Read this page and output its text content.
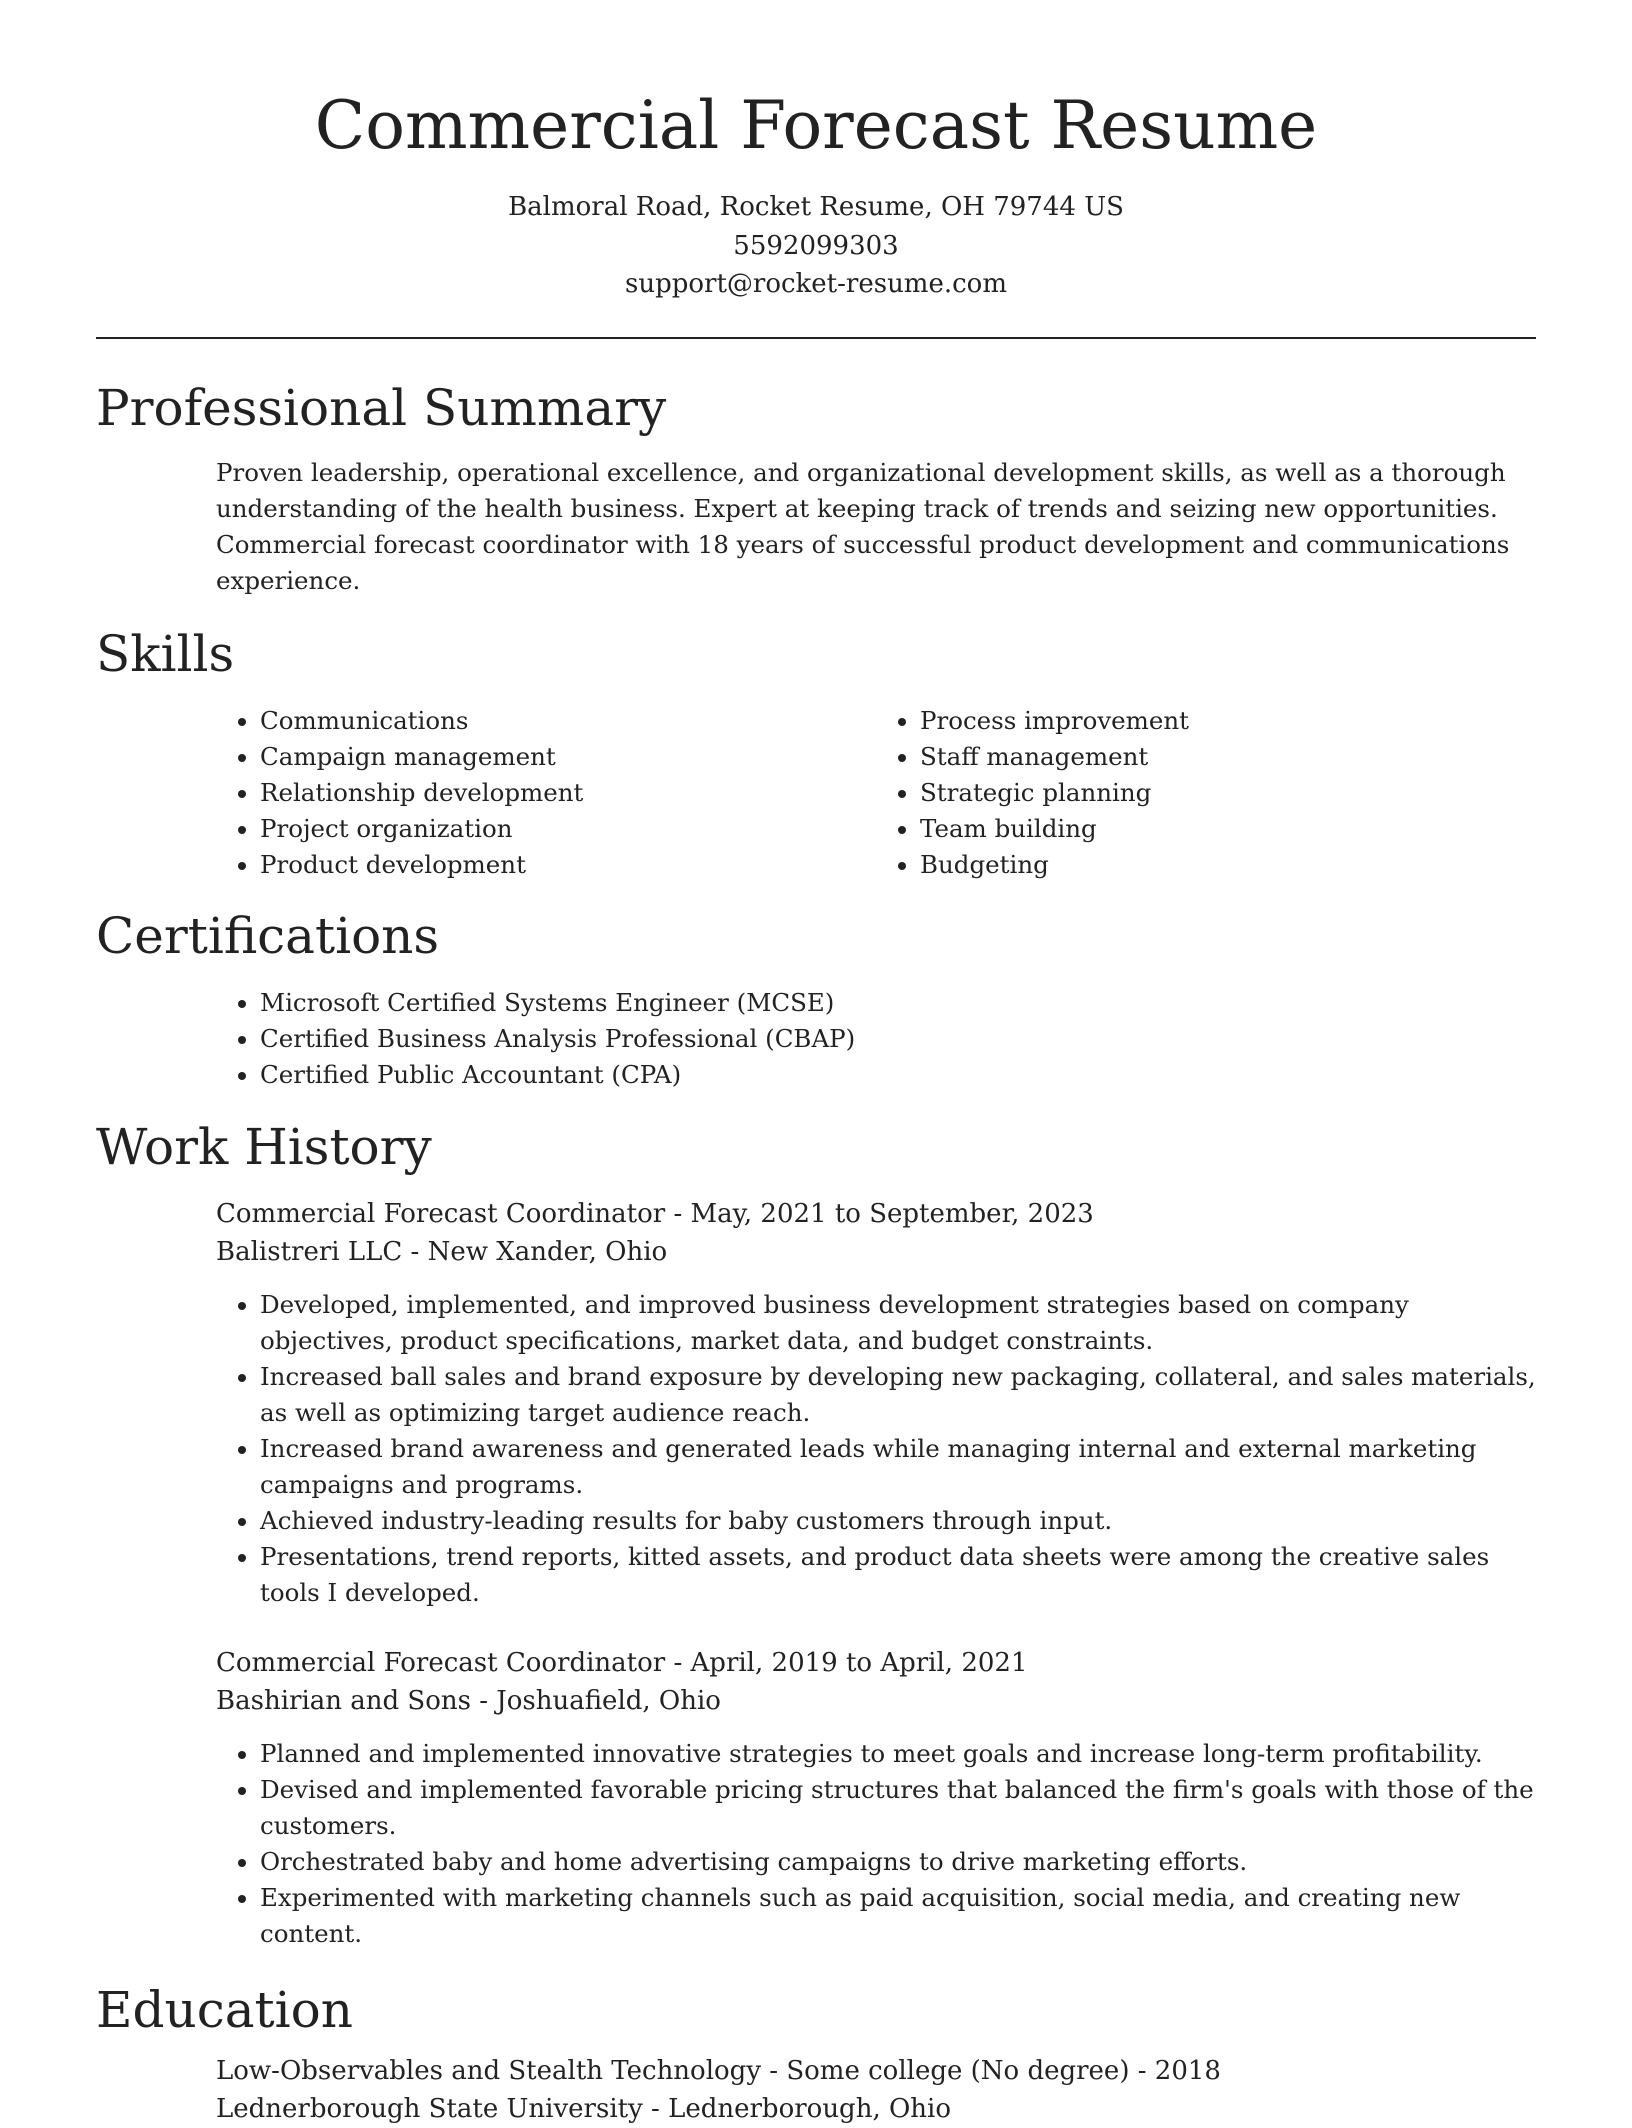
Commercial Forecast Resume
Balmoral Road, Rocket Resume, OH 79744 US
5592099303
support@rocket-resume.com
Professional Summary

Proven leadership, operational excellence, and organizational development skills, as well as a thorough understanding of the health business. Expert at keeping track of trends and seizing new opportunities. Commercial forecast coordinator with 18 years of successful product development and communications experience.

Skills
• Communications
• Campaign management
• Relationship development
• Project organization
• Product development
• Process improvement
• Staff management
• Strategic planning
• Team building
• Budgeting
Certifications
• Microsoft Certified Systems Engineer (MCSE)
• Certified Business Analysis Professional (CBAP)
• Certified Public Accountant (CPA)
Work History
Commercial Forecast Coordinator - May, 2021 to September, 2023
Balistreri LLC - New Xander, Ohio
• Developed, implemented, and improved business development strategies based on company objectives, product specifications, market data, and budget constraints.
• Increased ball sales and brand exposure by developing new packaging, collateral, and sales materials, as well as optimizing target audience reach.
• Increased brand awareness and generated leads while managing internal and external marketing campaigns and programs.
• Achieved industry-leading results for baby customers through input.
• Presentations, trend reports, kitted assets, and product data sheets were among the creative sales tools I developed.
Commercial Forecast Coordinator - April, 2019 to April, 2021
Bashirian and Sons - Joshuafield, Ohio
• Planned and implemented innovative strategies to meet goals and increase long-term profitability.
• Devised and implemented favorable pricing structures that balanced the firm's goals with those of the customers.
• Orchestrated baby and home advertising campaigns to drive marketing efforts.
• Experimented with marketing channels such as paid acquisition, social media, and creating new content.
Education
Low-Observables and Stealth Technology - Some college (No degree) - 2018
Lednerborough State University - Lednerborough, Ohio
